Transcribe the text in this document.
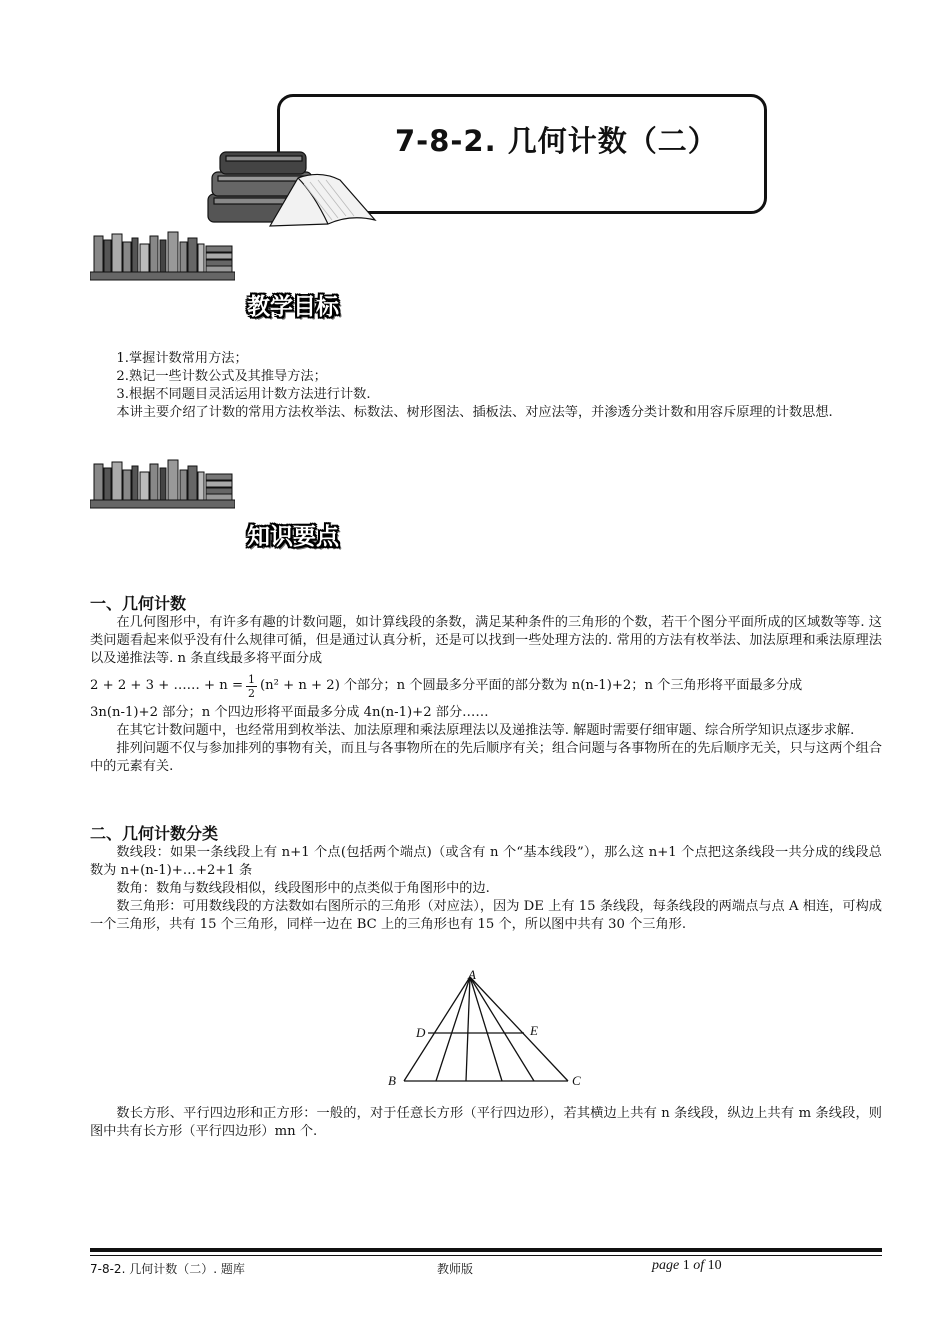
7-8-2. 几何计数（二）
教学目标

1.掌握计数常用方法；

2.熟记一些计数公式及其推导方法；

3.根据不同题目灵活运用计数方法进行计数.

本讲主要介绍了计数的常用方法枚举法、标数法、树形图法、插板法、对应法等，并渗透分类计数和用容斥原理的计数思想.

知识要点
一、几何计数

在几何图形中，有许多有趣的计数问题，如计算线段的条数，满足某种条件的三角形的个数，若干个图分平面所成的区域数等等. 这类问题看起来似乎没有什么规律可循，但是通过认真分析，还是可以找到一些处理方法的. 常用的方法有枚举法、加法原理和乘法原理法以及递推法等. n 条直线最多将平面分成

2 + 2 + 3 + …… + $n = \frac{1}{2} (n^2 + n + 2)$ 个部分；n 个圆最多分平面的部分数为 n(n-1)+2；n 个三角形将平面最多分成

3n(n-1)+2 部分；n 个四边形将平面最多分成 4n(n-1)+2 部分……

在其它计数问题中，也经常用到枚举法、加法原理和乘法原理法以及递推法等. 解题时需要仔细审题、综合所学知识点逐步求解.

排列问题不仅与参加排列的事物有关，而且与各事物所在的先后顺序有关；组合问题与各事物所在的先后顺序无关，只与这两个组合中的元素有关.

二、几何计数分类

数线段：如果一条线段上有 n+1 个点(包括两个端点)（或含有 n 个“基本线段”），那么这 n+1 个点把这条线段一共分成的线段总数为 n+(n-1)+…+2+1 条

数角：数角与数线段相似，线段图形中的点类似于角图形中的边.

数三角形：可用数线段的方法数如右图所示的三角形（对应法），因为 DE 上有 15 条线段，每条线段的两端点与点 A 相连，可构成一个三角形，共有 15 个三角形，同样一边在 BC 上的三角形也有 15 个，所以图中共有 30 个三角形.

A
B	C
D	E

数长方形、平行四边形和正方形：一般的，对于任意长方形（平行四边形），若其横边上共有 n 条线段，纵边上共有 m 条线段，则图中共有长方形（平行四边形）mn 个.

7-8-2. 几何计数（二）. 题库	教师版	page 1 of 10
